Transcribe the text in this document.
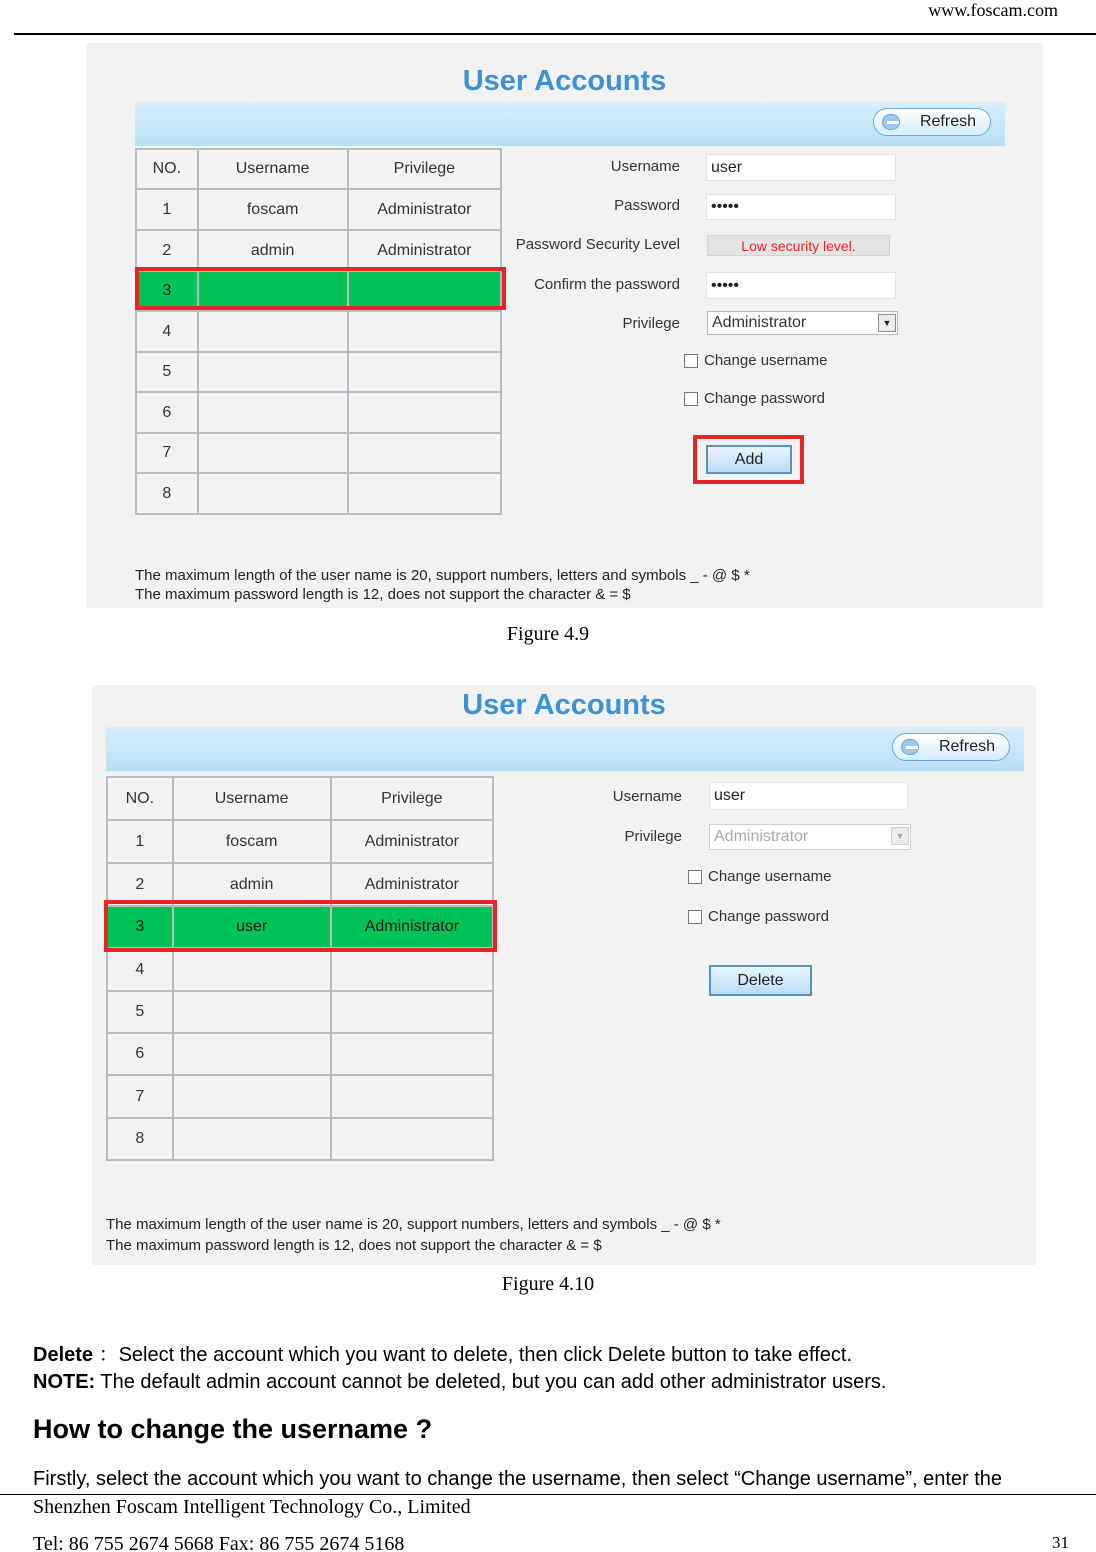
www.foscam.com
User Accounts
Refresh
NO.	Username	Privilege
1	foscam	Administrator
2	admin	Administrator
3		
4		
5		
6		
7		
8		
Username	user
Password	•••••
Password Security Level	Low security level.
Confirm the password	•••••
Privilege Administrator	▼
Change username
Change password
Add
The maximum length of the user name is 20, support numbers, letters and symbols _ - @ $ *
The maximum password length is 12, does not support the character & = $
Figure 4.9
User Accounts
Refresh
NO.	Username	Privilege
1	foscam	Administrator
2	admin	Administrator
3	user	Administrator
4		
5		
6		
7		
8		
Username	user
Privilege Administrator	▼
Change username
Change password
Delete
The maximum length of the user name is 20, support numbers, letters and symbols _ - @ $ *
The maximum password length is 12, does not support the character & = $
Figure 4.10
Delete ：Select the account which you want to delete, then click Delete button to take effect.
NOTE: The default admin account cannot be deleted, but you can add other administrator users.
How to change the username ?
Firstly, select the account which you want to change the username, then select “Change username”, enter the
Shenzhen Foscam Intelligent Technology Co., Limited
Tel: 86 755 2674 5668 Fax: 86 755 2674 5168	31
